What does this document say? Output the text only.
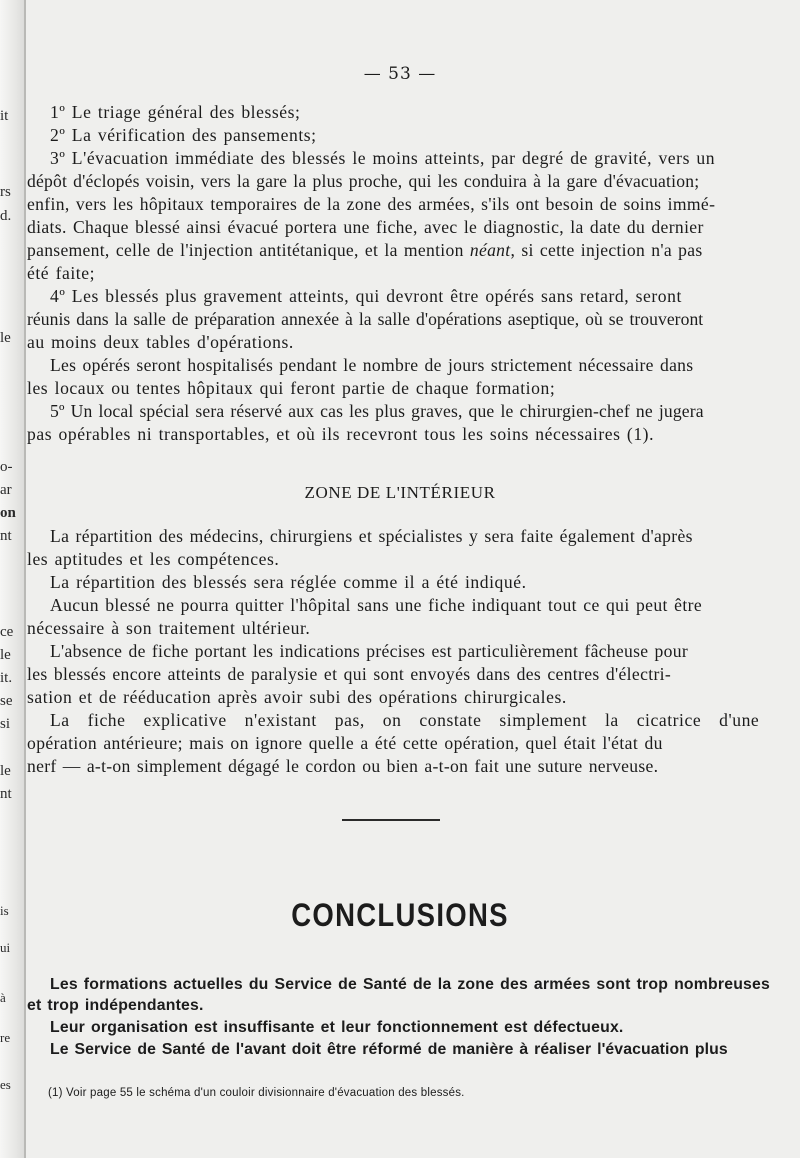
it
rs
d.
le
o-
ar
on
nt
ce
le
it.
se
si
le
nt
is
ui
à
re
es
— 53 —
1º Le triage général des blessés;
2º La vérification des pansements;
3º L'évacuation immédiate des blessés le moins atteints, par degré de gravité, vers un
dépôt d'éclopés voisin, vers la gare la plus proche, qui les conduira à la gare d'évacuation;
enfin, vers les hôpitaux temporaires de la zone des armées, s'ils ont besoin de soins immé-
diats. Chaque blessé ainsi évacué portera une fiche, avec le diagnostic, la date du dernier
pansement, celle de l'injection antitétanique, et la mention néant, si cette injection n'a pas
été faite;
4º Les blessés plus gravement atteints, qui devront être opérés sans retard, seront
réunis dans la salle de préparation annexée à la salle d'opérations aseptique, où se trouveront
au moins deux tables d'opérations.
Les opérés seront hospitalisés pendant le nombre de jours strictement nécessaire dans
les locaux ou tentes hôpitaux qui feront partie de chaque formation;
5º Un local spécial sera réservé aux cas les plus graves, que le chirurgien-chef ne jugera
pas opérables ni transportables, et où ils recevront tous les soins nécessaires (1).
ZONE DE L'INTÉRIEUR
La répartition des médecins, chirurgiens et spécialistes y sera faite également d'après
les aptitudes et les compétences.
La répartition des blessés sera réglée comme il a été indiqué.
Aucun blessé ne pourra quitter l'hôpital sans une fiche indiquant tout ce qui peut être
nécessaire à son traitement ultérieur.
L'absence de fiche portant les indications précises est particulièrement fâcheuse pour
les blessés encore atteints de paralysie et qui sont envoyés dans des centres d'électri-
sation et de rééducation après avoir subi des opérations chirurgicales.
La fiche explicative n'existant pas, on constate simplement la cicatrice d'une
opération antérieure; mais on ignore quelle a été cette opération, quel était l'état du
nerf — a-t-on simplement dégagé le cordon ou bien a-t-on fait une suture nerveuse.
CONCLUSIONS
Les formations actuelles du Service de Santé de la zone des armées sont trop nombreuses
et trop indépendantes.
Leur organisation est insuffisante et leur fonctionnement est défectueux.
Le Service de Santé de l'avant doit être réformé de manière à réaliser l'évacuation plus
(1) Voir page 55 le schéma d'un couloir divisionnaire d'évacuation des blessés.
